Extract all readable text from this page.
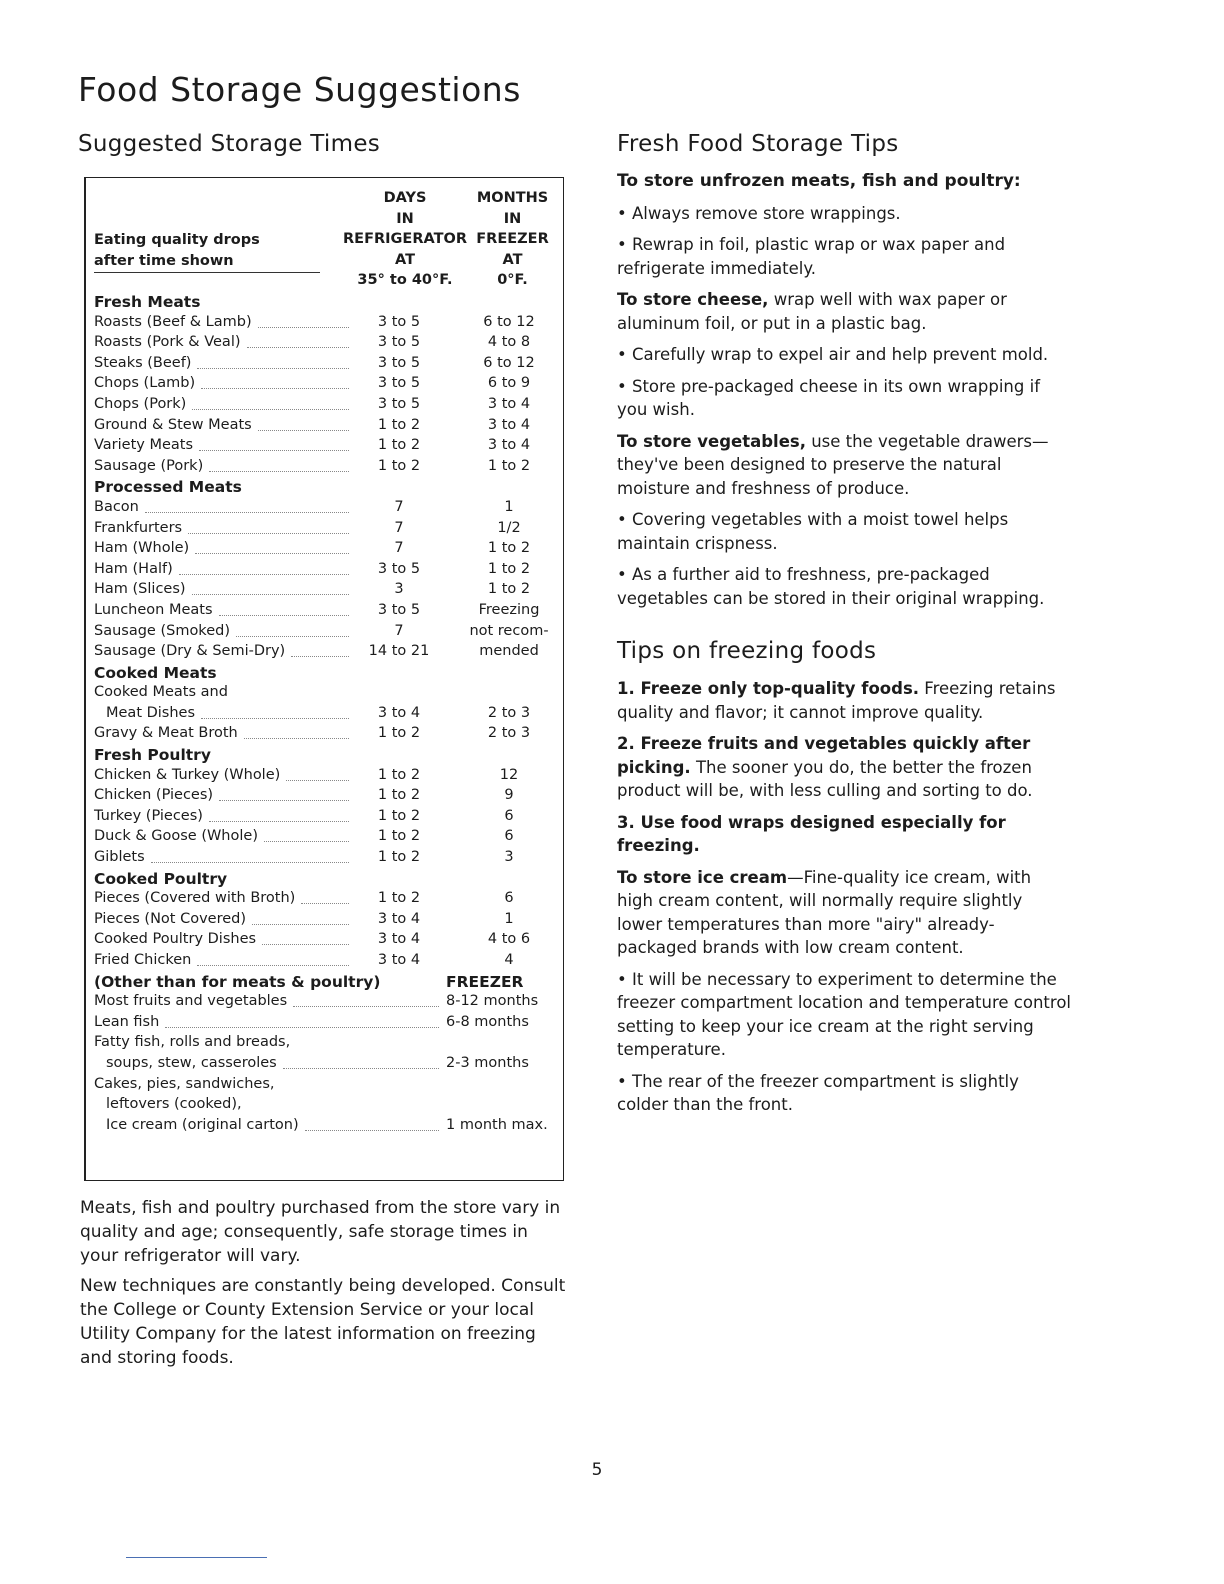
Food Storage Suggestions
Suggested Storage Times
DAYS
IN
REFRIGERATOR
AT
35° to 40°F.
MONTHS
IN
FREEZER
AT
0°F.
Eating quality drops
after time shown
Fresh Meats
Roasts (Beef & Lamb)	3 to 5	6 to 12
Roasts (Pork & Veal)	3 to 5	4 to 8
Steaks (Beef)	3 to 5	6 to 12
Chops (Lamb)	3 to 5	6 to 9
Chops (Pork)	3 to 5	3 to 4
Ground & Stew Meats	1 to 2	3 to 4
Variety Meats	1 to 2	3 to 4
Sausage (Pork)	1 to 2	1 to 2
Processed Meats
Bacon	7	1
Frankfurters	7	1/2
Ham (Whole)	7	1 to 2
Ham (Half)	3 to 5	1 to 2
Ham (Slices)	3	1 to 2
Luncheon Meats	3 to 5	Freezing
Sausage (Smoked)	7	not recom-
Sausage (Dry & Semi-Dry)	14 to 21	mended
Cooked Meats
Cooked Meats and
Meat Dishes	3 to 4	2 to 3
Gravy & Meat Broth	1 to 2	2 to 3
Fresh Poultry
Chicken & Turkey (Whole)	1 to 2	12
Chicken (Pieces)	1 to 2	9
Turkey (Pieces)	1 to 2	6
Duck & Goose (Whole)	1 to 2	6
Giblets	1 to 2	3
Cooked Poultry
Pieces (Covered with Broth)	1 to 2	6
Pieces (Not Covered)	3 to 4	1
Cooked Poultry Dishes	3 to 4	4 to 6
Fried Chicken	3 to 4	4
(Other than for meats & poultry)	FREEZER
Most fruits and vegetables	8-12 months
Lean fish	6-8 months
Fatty fish, rolls and breads,
soups, stew, casseroles	2-3 months
Cakes, pies, sandwiches,
leftovers (cooked),
Ice cream (original carton)	1 month max.

Meats, fish and poultry purchased from the store vary in quality and age; consequently, safe storage times in your refrigerator will vary.

New techniques are constantly being developed. Consult the College or County Extension Service or your local Utility Company for the latest information on freezing and storing foods.

Fresh Food Storage Tips

To store unfrozen meats, fish and poultry:

• Always remove store wrappings.

• Rewrap in foil, plastic wrap or wax paper and refrigerate immediately.

To store cheese, wrap well with wax paper or aluminum foil, or put in a plastic bag.

• Carefully wrap to expel air and help prevent mold.

• Store pre-packaged cheese in its own wrapping if you wish.

To store vegetables, use the vegetable drawers—they've been designed to preserve the natural moisture and freshness of produce.

• Covering vegetables with a moist towel helps maintain crispness.

• As a further aid to freshness, pre-packaged vegetables can be stored in their original wrapping.

Tips on freezing foods

1. Freeze only top-quality foods. Freezing retains quality and flavor; it cannot improve quality.

2. Freeze fruits and vegetables quickly after picking. The sooner you do, the better the frozen product will be, with less culling and sorting to do.

3. Use food wraps designed especially for freezing.

To store ice cream—Fine-quality ice cream, with high cream content, will normally require slightly lower temperatures than more "airy" already-packaged brands with low cream content.

• It will be necessary to experiment to determine the freezer compartment location and temperature control setting to keep your ice cream at the right serving temperature.

• The rear of the freezer compartment is slightly colder than the front.

5
